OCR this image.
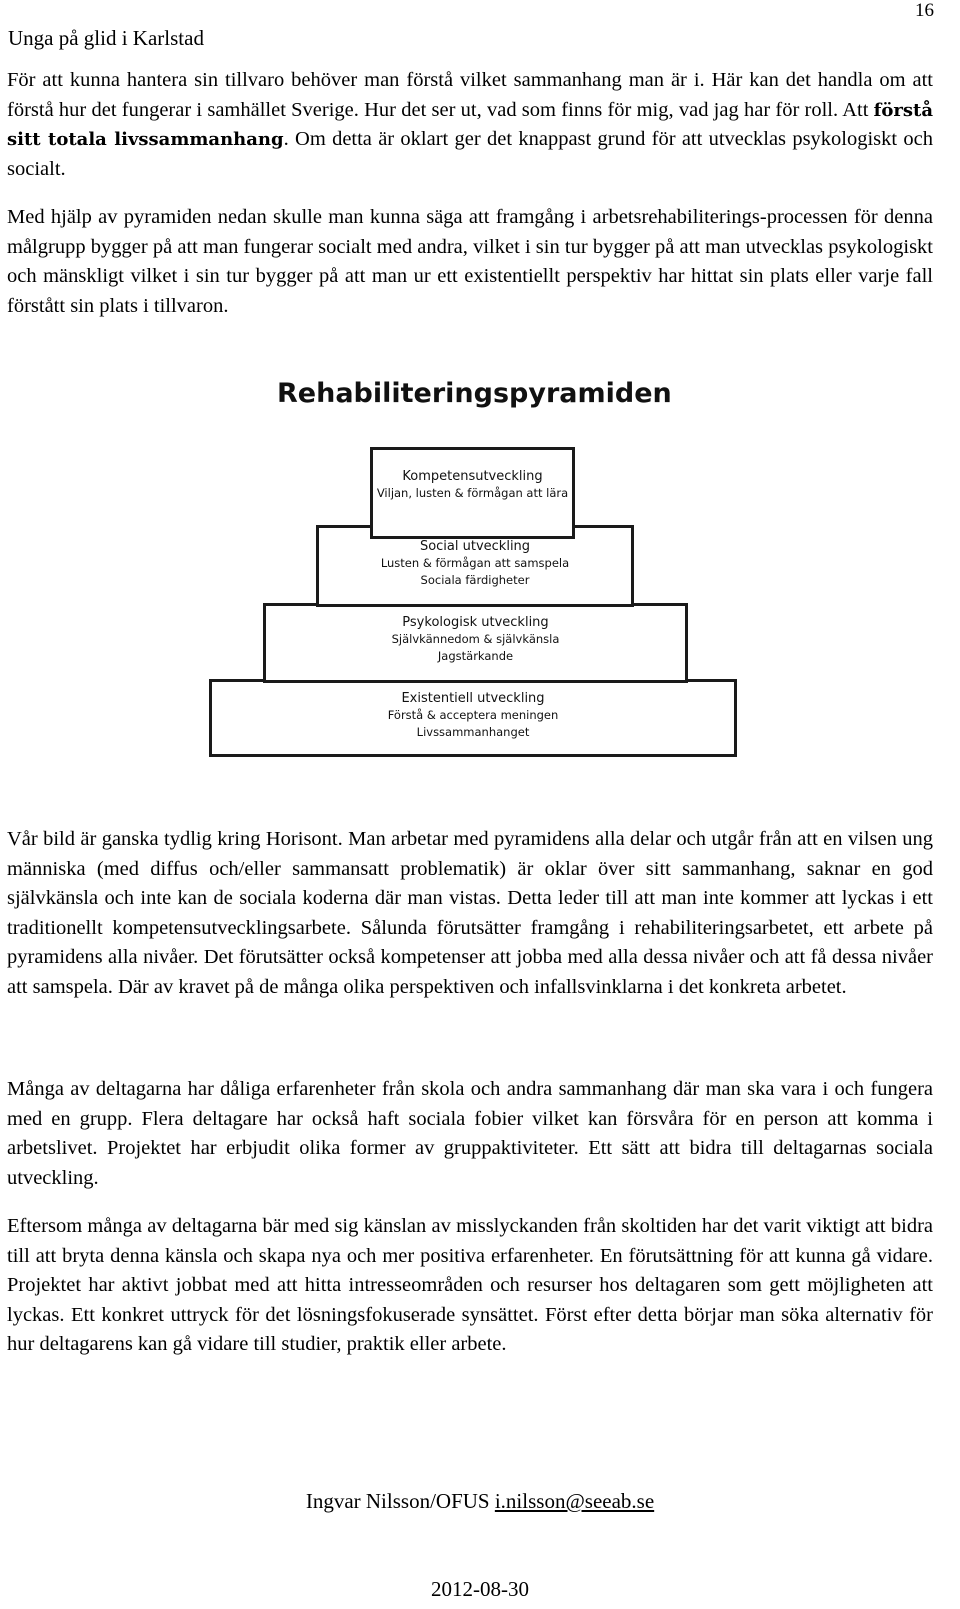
16
Unga på glid i Karlstad

För att kunna hantera sin tillvaro behöver man förstå vilket sammanhang man är i. Här kan det handla om att förstå hur det fungerar i samhället Sverige. Hur det ser ut, vad som finns för mig, vad jag har för roll. Att förstå sitt totala livssammanhang. Om detta är oklart ger det knappast grund för att utvecklas psykologiskt och socialt.

Med hjälp av pyramiden nedan skulle man kunna säga att framgång i arbetsrehabiliterings-processen för denna målgrupp bygger på att man fungerar socialt med andra, vilket i sin tur bygger på att man utvecklas psykologiskt och mänskligt vilket i sin tur bygger på att man ur ett existentiellt perspektiv har hittat sin plats eller varje fall förstått sin plats i tillvaron.

Rehabiliteringspyramiden
Existentiell utveckling
Förstå & acceptera meningen
Livssammanhanget
Psykologisk utveckling
Självkännedom & självkänsla
Jagstärkande
Social utveckling
Lusten & förmågan att samspela
Sociala färdigheter
Kompetensutveckling
Viljan, lusten & förmågan att lära

Vår bild är ganska tydlig kring Horisont. Man arbetar med pyramidens alla delar och utgår från att en vilsen ung människa (med diffus och/eller sammansatt problematik) är oklar över sitt sammanhang, saknar en god självkänsla och inte kan de sociala koderna där man vistas. Detta leder till att man inte kommer att lyckas i ett traditionellt kompetensutvecklingsarbete. Sålunda förutsätter framgång i rehabiliteringsarbetet, ett arbete på pyramidens alla nivåer. Det förutsätter också kompetenser att jobba med alla dessa nivåer och att få dessa nivåer att samspela. Där av kravet på de många olika perspektiven och infallsvinklarna i det konkreta arbetet.

Många av deltagarna har dåliga erfarenheter från skola och andra sammanhang där man ska vara i och fungera med en grupp. Flera deltagare har också haft sociala fobier vilket kan försvåra för en person att komma i arbetslivet. Projektet har erbjudit olika former av gruppaktiviteter. Ett sätt att bidra till deltagarnas sociala utveckling.

Eftersom många av deltagarna bär med sig känslan av misslyckanden från skoltiden har det varit viktigt att bidra till att bryta denna känsla och skapa nya och mer positiva erfarenheter. En förutsättning för att kunna gå vidare. Projektet har aktivt jobbat med att hitta intresseområden och resurser hos deltagaren som gett möjligheten att lyckas. Ett konkret uttryck för det lösningsfokuserade synsättet. Först efter detta börjar man söka alternativ för hur deltagarens kan gå vidare till studier, praktik eller arbete.

Ingvar Nilsson/OFUS i.nilsson@seeab.se
2012-08-30
